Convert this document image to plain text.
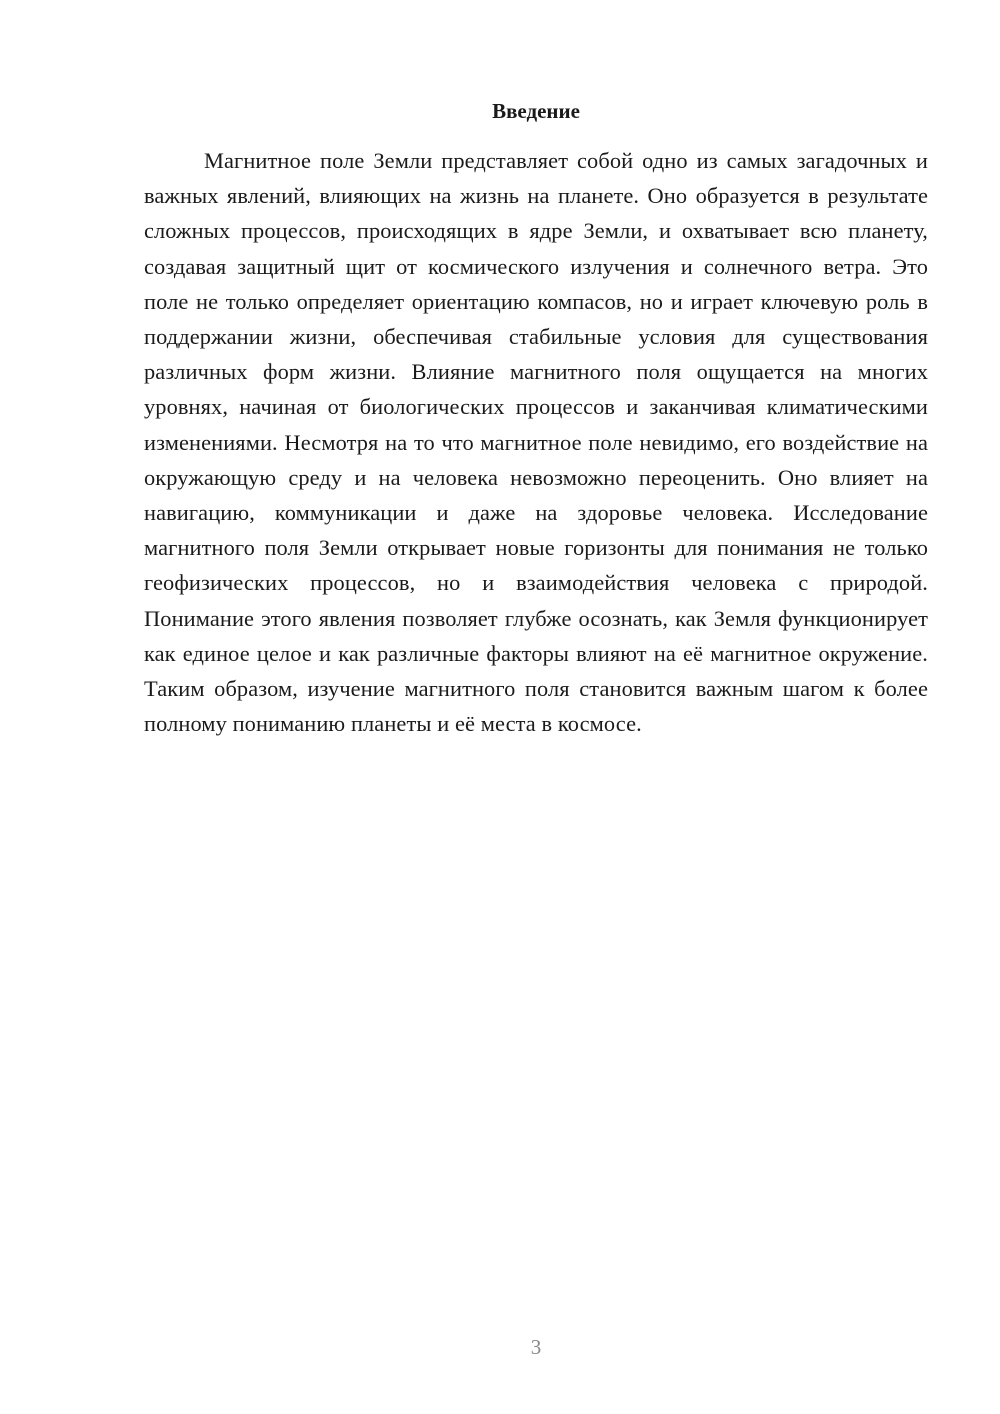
Введение

Магнитное поле Земли представляет собой одно из самых загадочных и важных явлений, влияющих на жизнь на планете. Оно образуется в результате сложных процессов, происходящих в ядре Земли, и охватывает всю планету, создавая защитный щит от космического излучения и солнечного ветра. Это поле не только определяет ориентацию компасов, но и играет ключевую роль в поддержании жизни, обеспечивая стабильные условия для существования различных форм жизни. Влияние магнитного поля ощущается на многих уровнях, начиная от биологических процессов и заканчивая климатическими изменениями. Несмотря на то что магнитное поле невидимо, его воздействие на окружающую среду и на человека невозможно переоценить. Оно влияет на навигацию, коммуникации и даже на здоровье человека. Исследование магнитного поля Земли открывает новые горизонты для понимания не только геофизических процессов, но и взаимодействия человека с природой. Понимание этого явления позволяет глубже осознать, как Земля функционирует как единое целое и как различные факторы влияют на её магнитное окружение. Таким образом, изучение магнитного поля становится важным шагом к более полному пониманию планеты и её места в космосе.

3
